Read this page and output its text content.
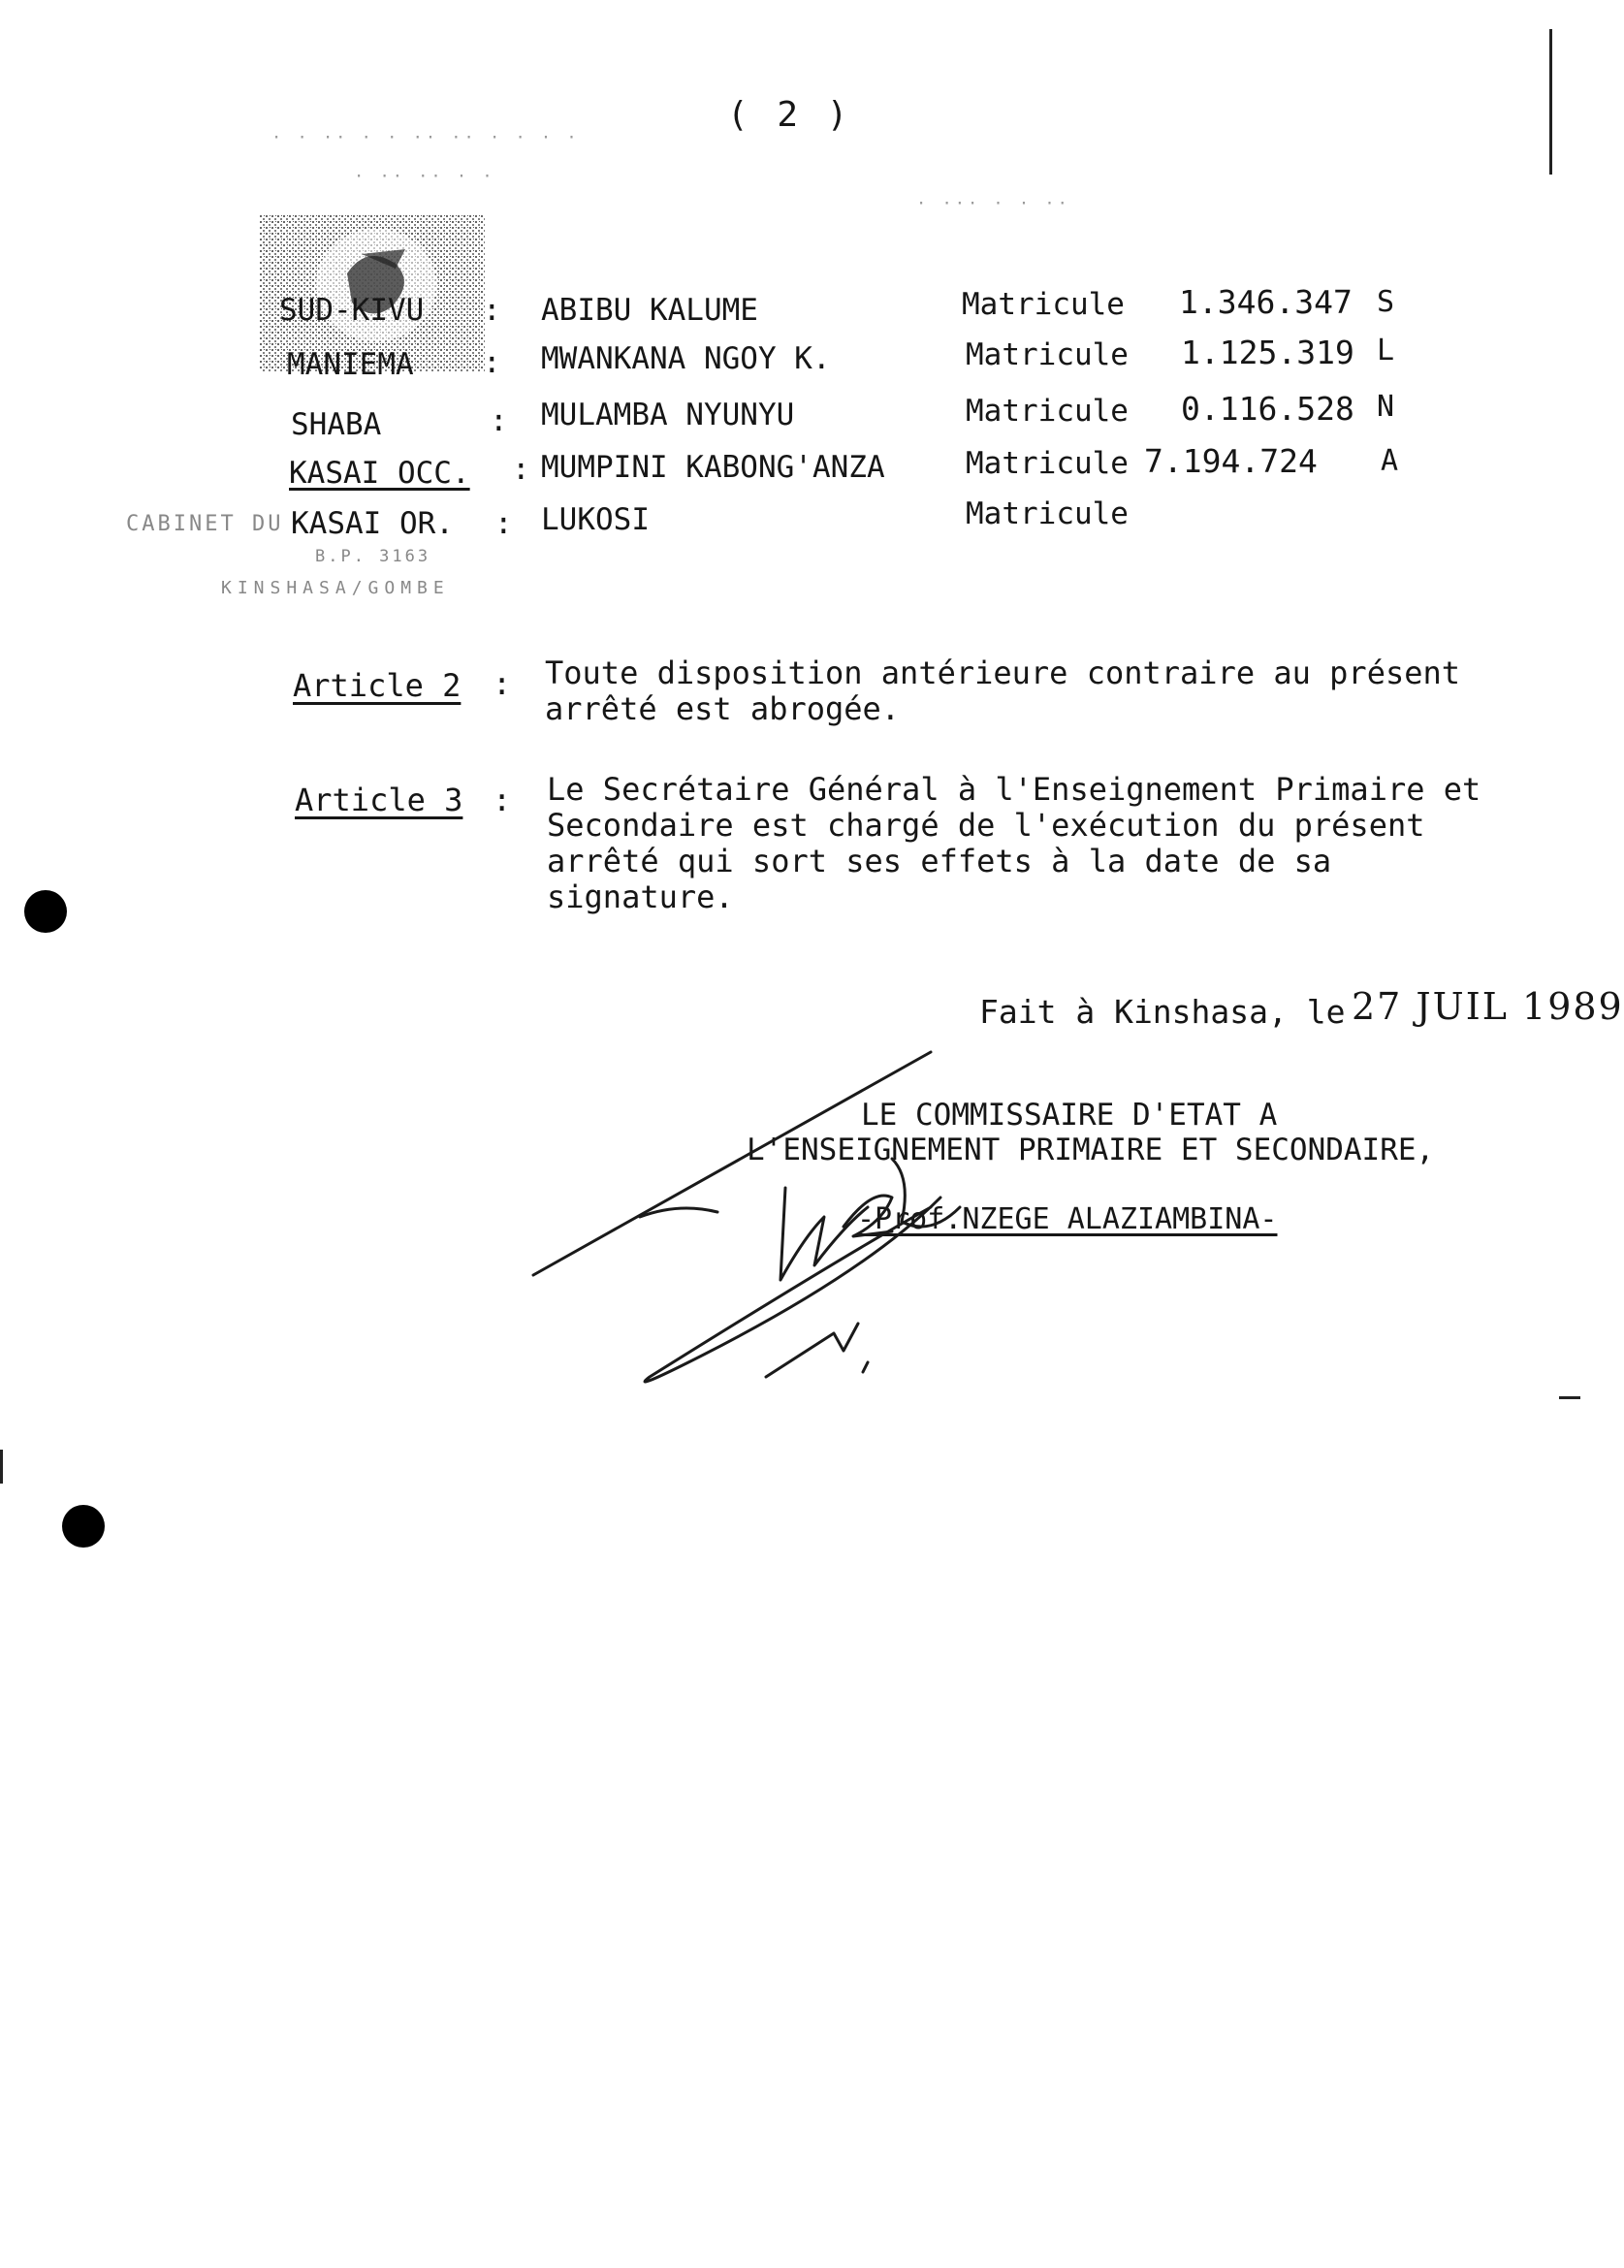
( 2 )
· · ·· · · ·· ·· · · · ·
· ·· ·· · ·
· ··· · · ··
SUD-KIVU : ABIBU KALUME	Matricule 1.346.347 S
MANIEMA : MWANKANA NGOY K.	Matricule 1.125.319 L
SHABA	: MULAMBA NYUNYU	Matricule 0.116.528 N
KASAI OCC. : MUMPINI KABONG'ANZA	Matricule 7.194.724 A
CABINET DU KASAI OR. : LUKOSI	Matricule
B.P. 3163
KINSHASA/GOMBE
Article 2 : Toute disposition antérieure contraire au présent arrêté est abrogée.
Article 3 : Le Secrétaire Général à l'Enseignement Primaire et Secondaire est chargé de l'exécution du présent arrêté qui sort ses effets à la date de sa signature.
Fait à Kinshasa, le 27 JUIL 1989
LE COMMISSAIRE D'ETAT A
L'ENSEIGNEMENT PRIMAIRE ET SECONDAIRE,
-Prof.NZEGE ALAZIAMBINA-
